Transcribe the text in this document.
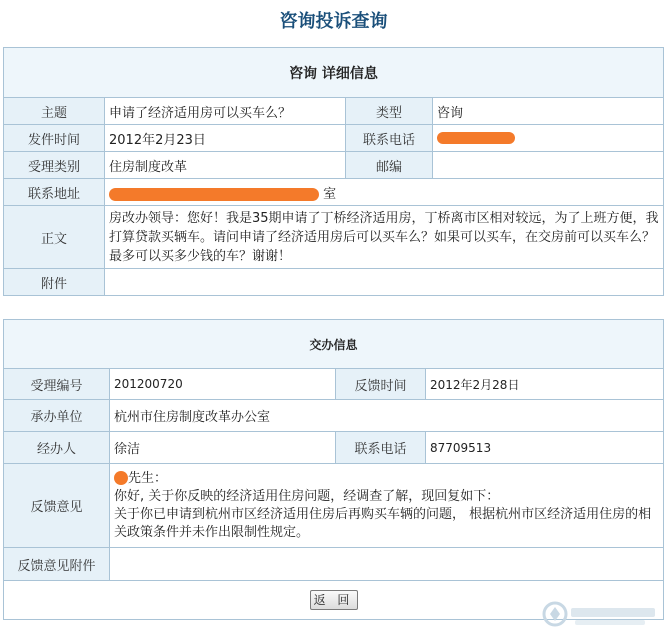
咨询投诉查询
咨询 详细信息			
主题	申请了经济适用房可以买车么？	类型	咨询
发件时间	2012年2月23日	联系电话	
受理类别	住房制度改革	邮编	
联系地址	室		
正文	房改办领导：您好！我是35期申请了丁桥经济适用房，丁桥离市区相对较远，为了上班方便，我打算贷款买辆车。请问申请了经济适用房后可以买车么？如果可以买车，在交房前可以买车么？最多可以买多少钱的车？谢谢！		
附件			
交办信息			
受理编号	201200720	反馈时间	2012年2月28日
承办单位	杭州市住房制度改革办公室		
经办人	徐洁	联系电话	87709513
反馈意见	先生：
你好, 关于你反映的经济适用住房问题，经调查了解，现回复如下：
关于你已申请到杭州市区经济适用住房后再购买车辆的问题， 根据杭州市区经济适用住房的相关政策条件并未作出限制性规定。		

反馈意见附件			
返 回			
